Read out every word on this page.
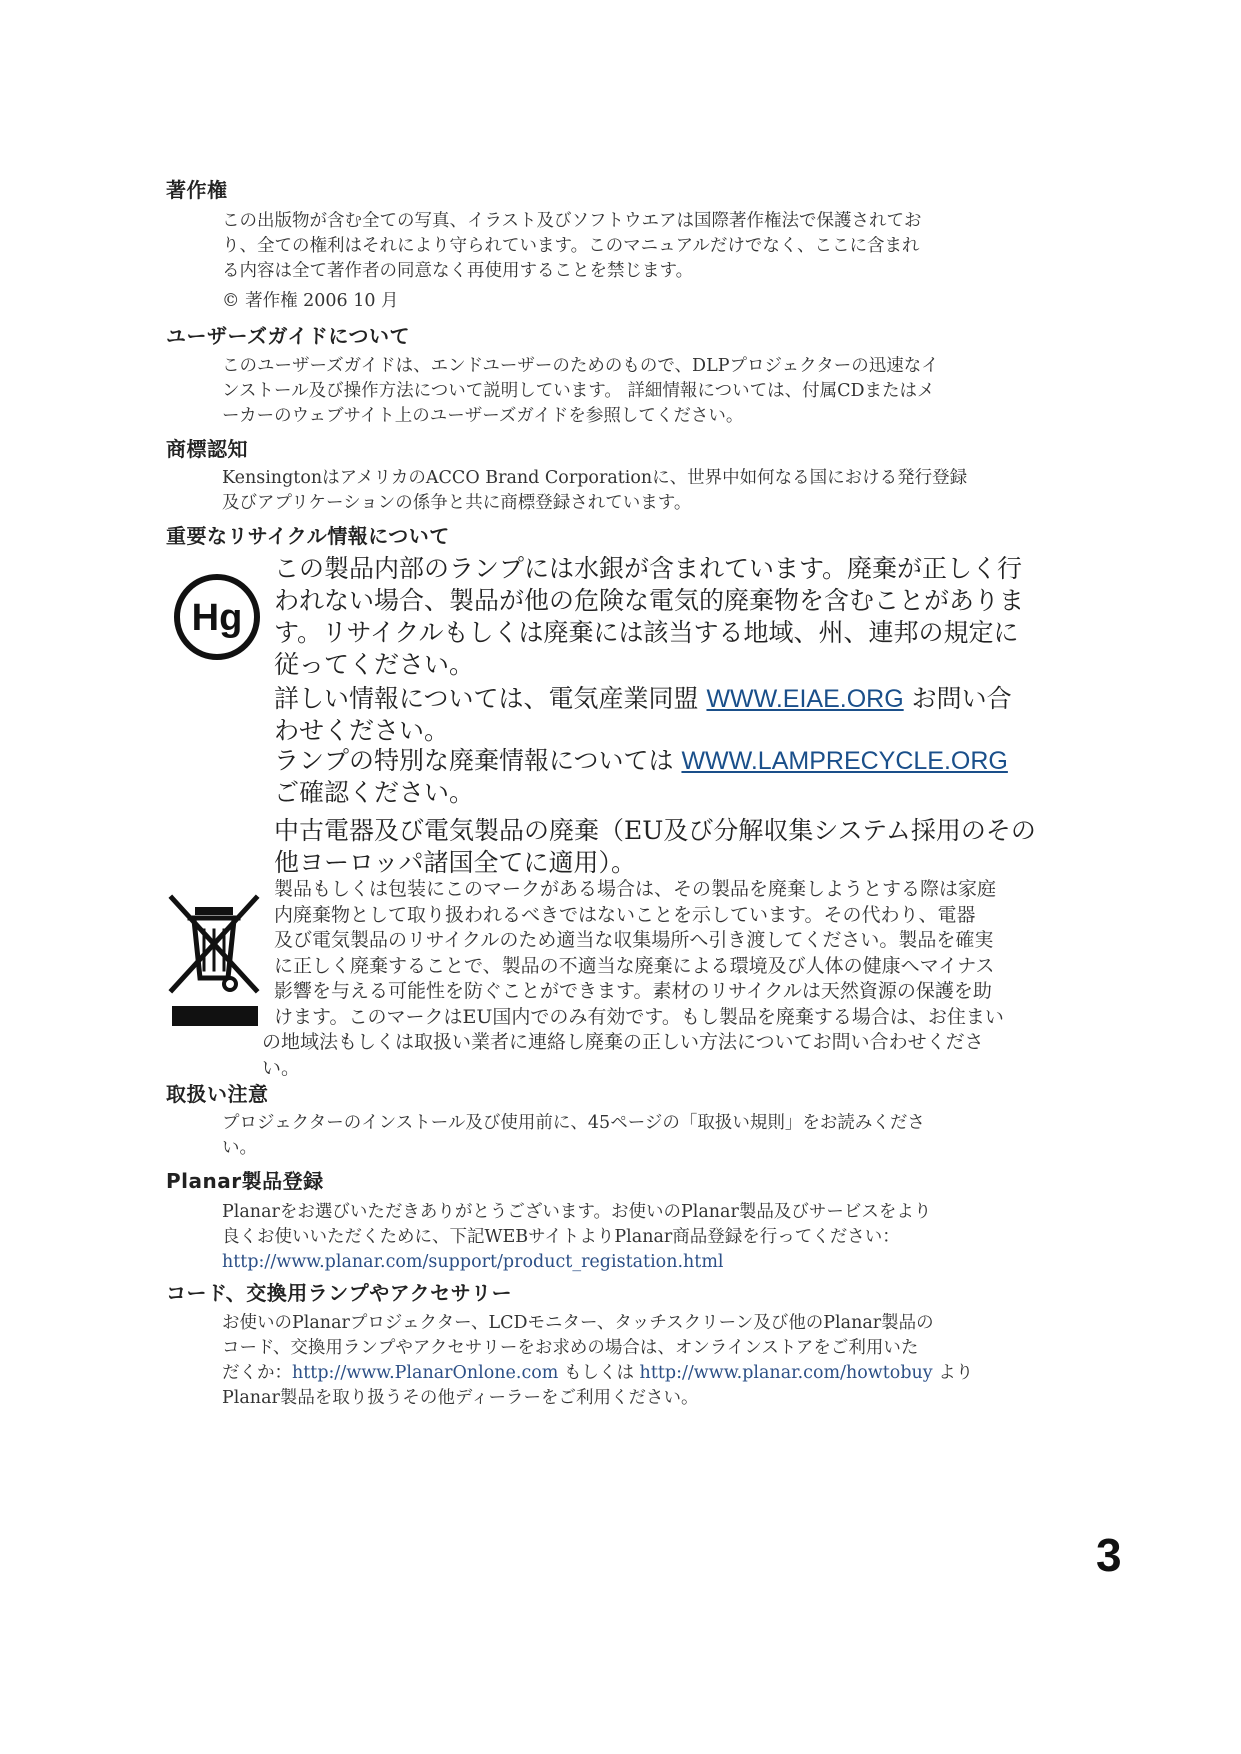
著作権
この出版物が含む全ての写真、イラスト及びソフトウエアは国際著作権法で保護されてお
り、全ての権利はそれにより守られています。このマニュアルだけでなく、ここに含まれ
る内容は全て著作者の同意なく再使用することを禁じます。
© 著作権 2006 10 月
ユーザーズガイドについて
このユーザーズガイドは、エンドユーザーのためのもので、DLPプロジェクターの迅速なイ
ンストール及び操作方法について説明しています。 詳細情報については、付属CDまたはメ
ーカーのウェブサイト上のユーザーズガイドを参照してください。
商標認知
KensingtonはアメリカのACCO Brand Corporationに、世界中如何なる国における発行登録
及びアプリケーションの係争と共に商標登録されています。
重要なリサイクル情報について
Hg
この製品内部のランプには水銀が含まれています。廃棄が正しく行
われない場合、製品が他の危険な電気的廃棄物を含むことがありま
す。リサイクルもしくは廃棄には該当する地域、州、連邦の規定に
従ってください。
詳しい情報については、電気産業同盟 WWW.EIAE.ORG お問い合
わせください。
ランプの特別な廃棄情報については WWW.LAMPRECYCLE.ORG
ご確認ください。
中古電器及び電気製品の廃棄（EU及び分解収集システム採用のその
他ヨーロッパ諸国全てに適用）。
製品もしくは包装にこのマークがある場合は、その製品を廃棄しようとする際は家庭
内廃棄物として取り扱われるべきではないことを示しています。その代わり、電器
及び電気製品のリサイクルのため適当な収集場所へ引き渡してください。製品を確実
に正しく廃棄することで、製品の不適当な廃棄による環境及び人体の健康へマイナス
影響を与える可能性を防ぐことができます。素材のリサイクルは天然資源の保護を助
けます。このマークはEU国内でのみ有効です。もし製品を廃棄する場合は、お住まい
の地域法もしくは取扱い業者に連絡し廃棄の正しい方法についてお問い合わせくださ
い。
取扱い注意
プロジェクターのインストール及び使用前に、45ページの「取扱い規則」をお読みくださ
い。
Planar製品登録
Planarをお選びいただきありがとうございます。お使いのPlanar製品及びサービスをより
良くお使いいただくために、下記WEBサイトよりPlanar商品登録を行ってください：
http://www.planar.com/support/product_registation.html
コード、交換用ランプやアクセサリー
お使いのPlanarプロジェクター、LCDモニター、タッチスクリーン及び他のPlanar製品の
コード、交換用ランプやアクセサリーをお求めの場合は、オンラインストアをご利用いた
だくか：http://www.PlanarOnlone.com もしくは http://www.planar.com/howtobuy より
Planar製品を取り扱うその他ディーラーをご利用ください。
3
